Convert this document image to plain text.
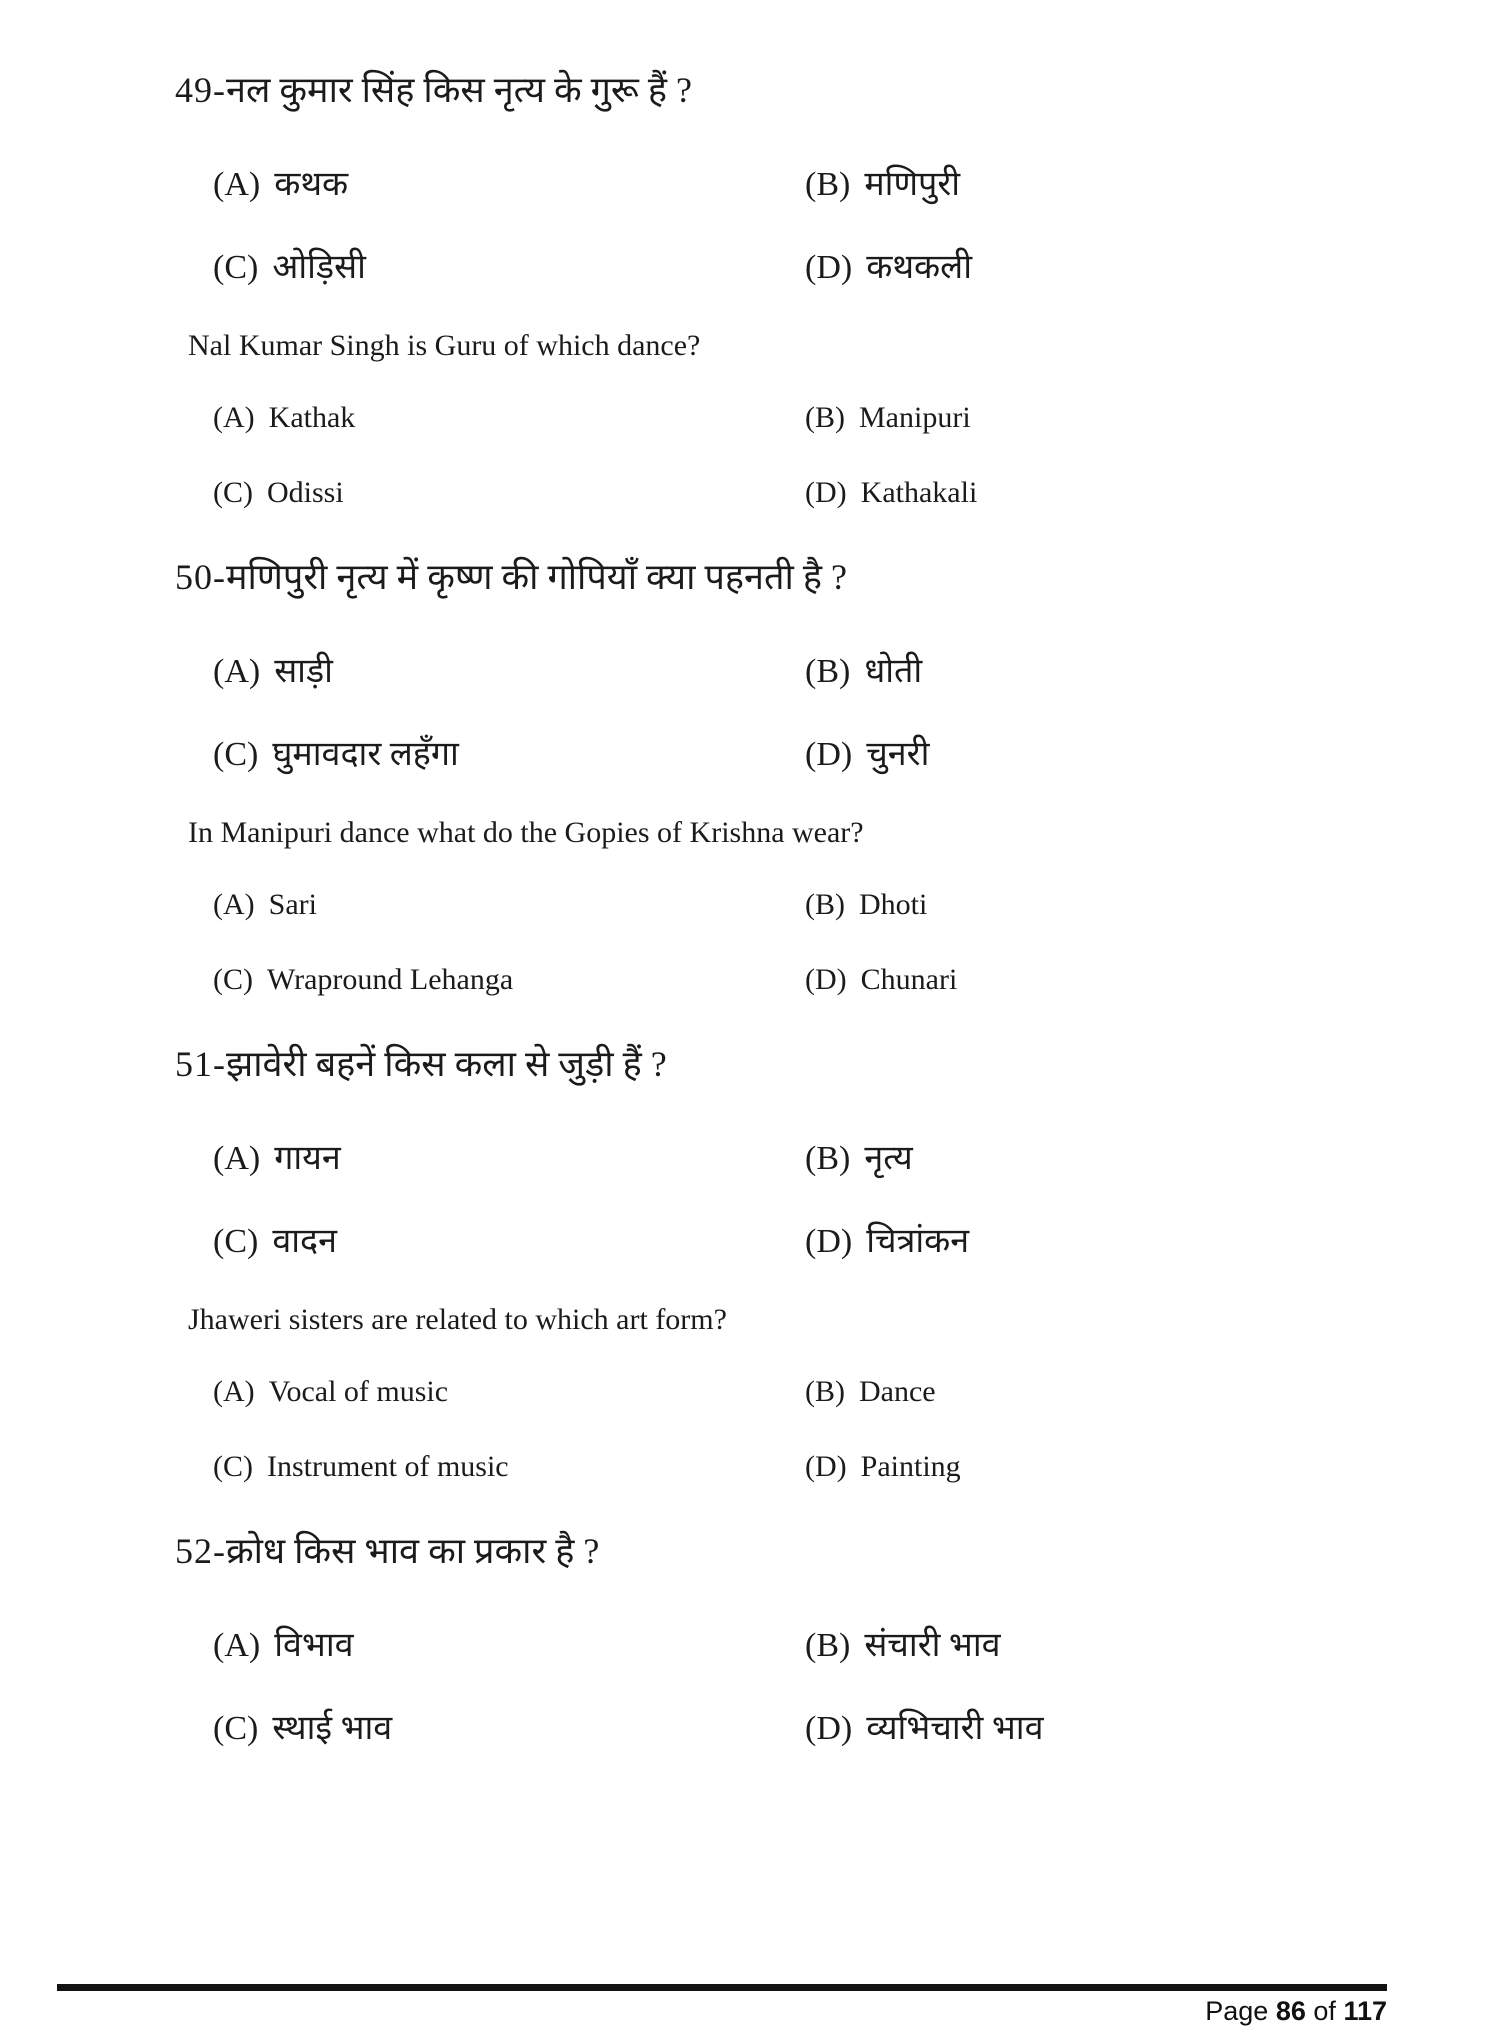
49-नल कुमार सिंह किस नृत्य के गुरू हैं ?

(A) कथक	(B) मणिपुरी
(C) ओड़िसी	(D) कथकली

Nal Kumar Singh is Guru of which dance?

(A) Kathak	(B) Manipuri
(C) Odissi	(D) Kathakali

50-मणिपुरी नृत्य में कृष्ण की गोपियाँ क्या पहनती है ?

(A) साड़ी	(B) धोती
(C) घुमावदार लहँगा	(D) चुनरी

In Manipuri dance what do the Gopies of Krishna wear?

(A) Sari	(B) Dhoti
(C) Wrapround Lehanga	(D) Chunari

51-झावेरी बहनें किस कला से जुड़ी हैं ?

(A) गायन	(B) नृत्य
(C) वादन	(D) चित्रांकन

Jhaweri sisters are related to which art form?

(A) Vocal of music	(B) Dance
(C) Instrument of music	(D) Painting

52-क्रोध किस भाव का प्रकार है ?

(A) विभाव	(B) संचारी भाव
(C) स्थाई भाव	(D) व्यभिचारी भाव
Page 86 of 117
